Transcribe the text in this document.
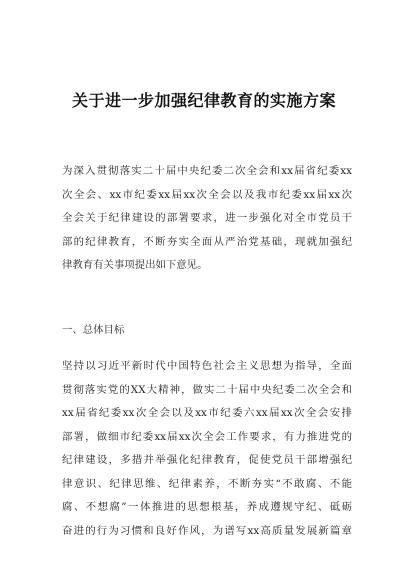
关于进一步加强纪律教育的实施方案
为深入贯彻落实二十届中央纪委二次全会和xx届省纪委xx
次全会、xx市纪委xx届xx次全会以及我市纪委xx届xx次
全会关于纪律建设的部署要求，进一步强化对全市党员干
部的纪律教育，不断夯实全面从严治党基础，现就加强纪
律教育有关事项提出如下意见。
一、总体目标
坚持以习近平新时代中国特色社会主义思想为指导，全面
贯彻落实党的XX大精神，做实二十届中央纪委二次全会和
xx届省纪委xx次全会以及xx市纪委六xx届xx次全会安排
部署，做细市纪委xx届xx次全会工作要求，有力推进党的
纪律建设，多措并举强化纪律教育，促使党员干部增强纪
律意识、纪律思维、纪律素养，不断夯实“不敢腐、不能
腐、不想腐”一体推进的思想根基，养成遵规守纪、砥砺
奋进的行为习惯和良好作风，为谱写xx高质量发展新篇章
